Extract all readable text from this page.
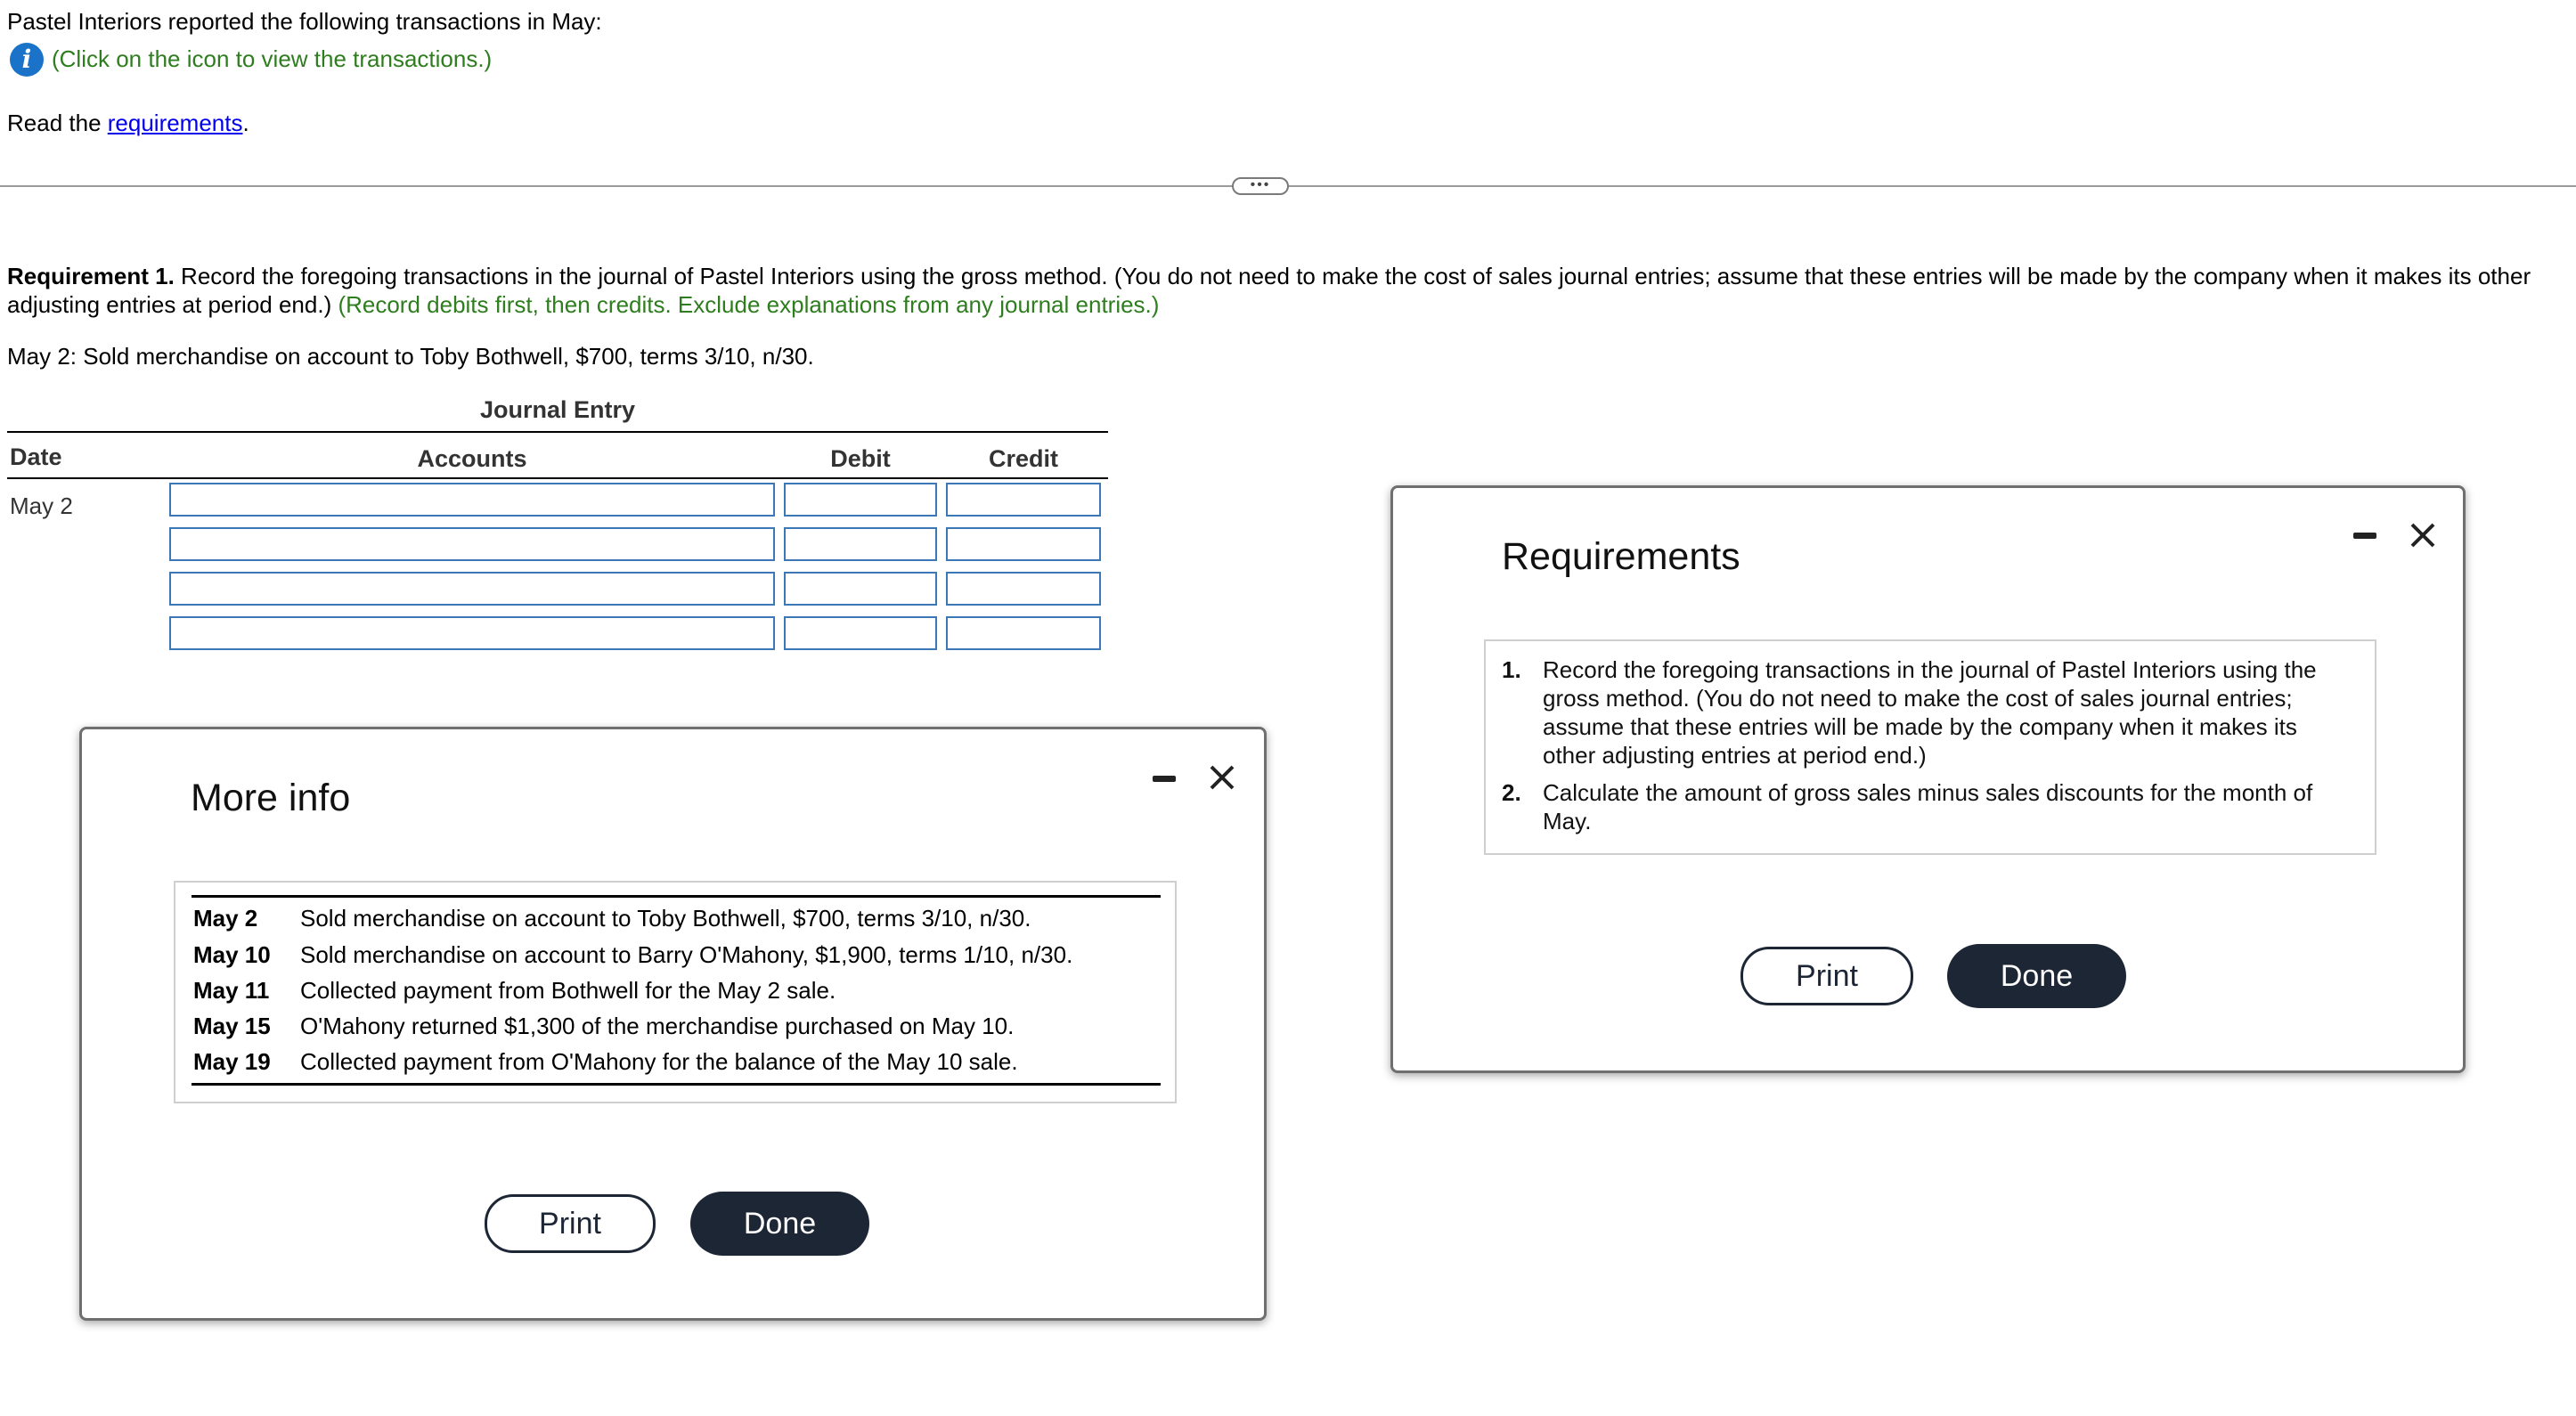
Pastel Interiors reported the following transactions in May:
i (Click on the icon to view the transactions.)
Read the requirements.
•••
Requirement 1. Record the foregoing transactions in the journal of Pastel Interiors using the gross method. (You do not need to make the cost of sales journal entries; assume that these entries will be made by the company when it makes its other adjusting entries at period end.) (Record debits first, then credits. Exclude explanations from any journal entries.)
May 2: Sold merchandise on account to Toby Bothwell, $700, terms 3/10, n/30.
Journal Entry
Date	Accounts	Debit	Credit
May 2
More info
May 2 Sold merchandise on account to Toby Bothwell, $700, terms 3/10, n/30.
May 10 Sold merchandise on account to Barry O'Mahony, $1,900, terms 1/10, n/30.
May 11 Collected payment from Bothwell for the May 2 sale.
May 15 O'Mahony returned $1,300 of the merchandise purchased on May 10.
May 19 Collected payment from O'Mahony for the balance of the May 10 sale.
Print	Done
Requirements
1. Record the foregoing transactions in the journal of Pastel Interiors using the gross method. (You do not need to make the cost of sales journal entries; assume that these entries will be made by the company when it makes its other adjusting entries at period end.)
2. Calculate the amount of gross sales minus sales discounts for the month of May.
Print	Done
